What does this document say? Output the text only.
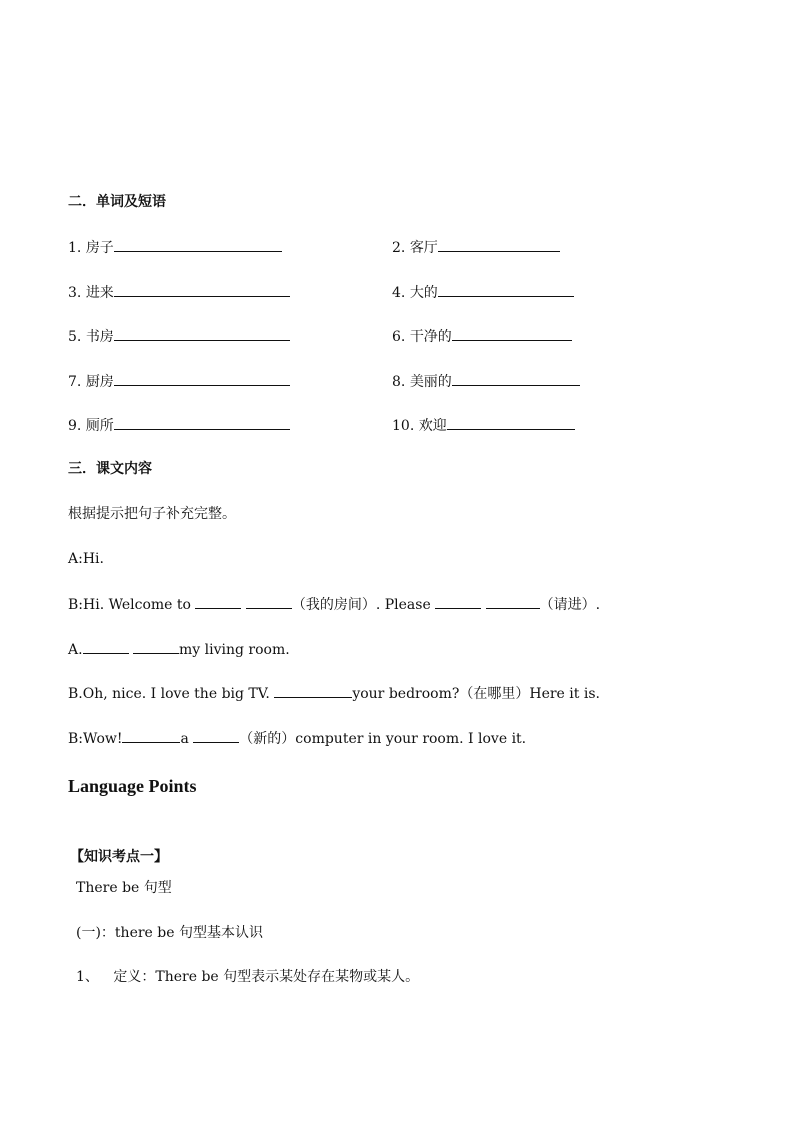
二．单词及短语
1. 房子	2. 客厅
3. 进来	4. 大的
5. 书房	6. 干净的
7. 厨房	8. 美丽的
9. 厕所	10. 欢迎
三．课文内容
根据提示把句子补充完整。
A:Hi.
B:Hi. Welcome to	（我的房间）. Please	（请进）.
A.	my living room.
B.Oh, nice. I love the big TV.	your bedroom?（在哪里）Here it is.
B:Wow!	a	（新的）computer in your room. I love it.
Language Points
【知识考点一】
There be 句型
(一)：there be 句型基本认识
1、 定义：There be 句型表示某处存在某物或某人。
